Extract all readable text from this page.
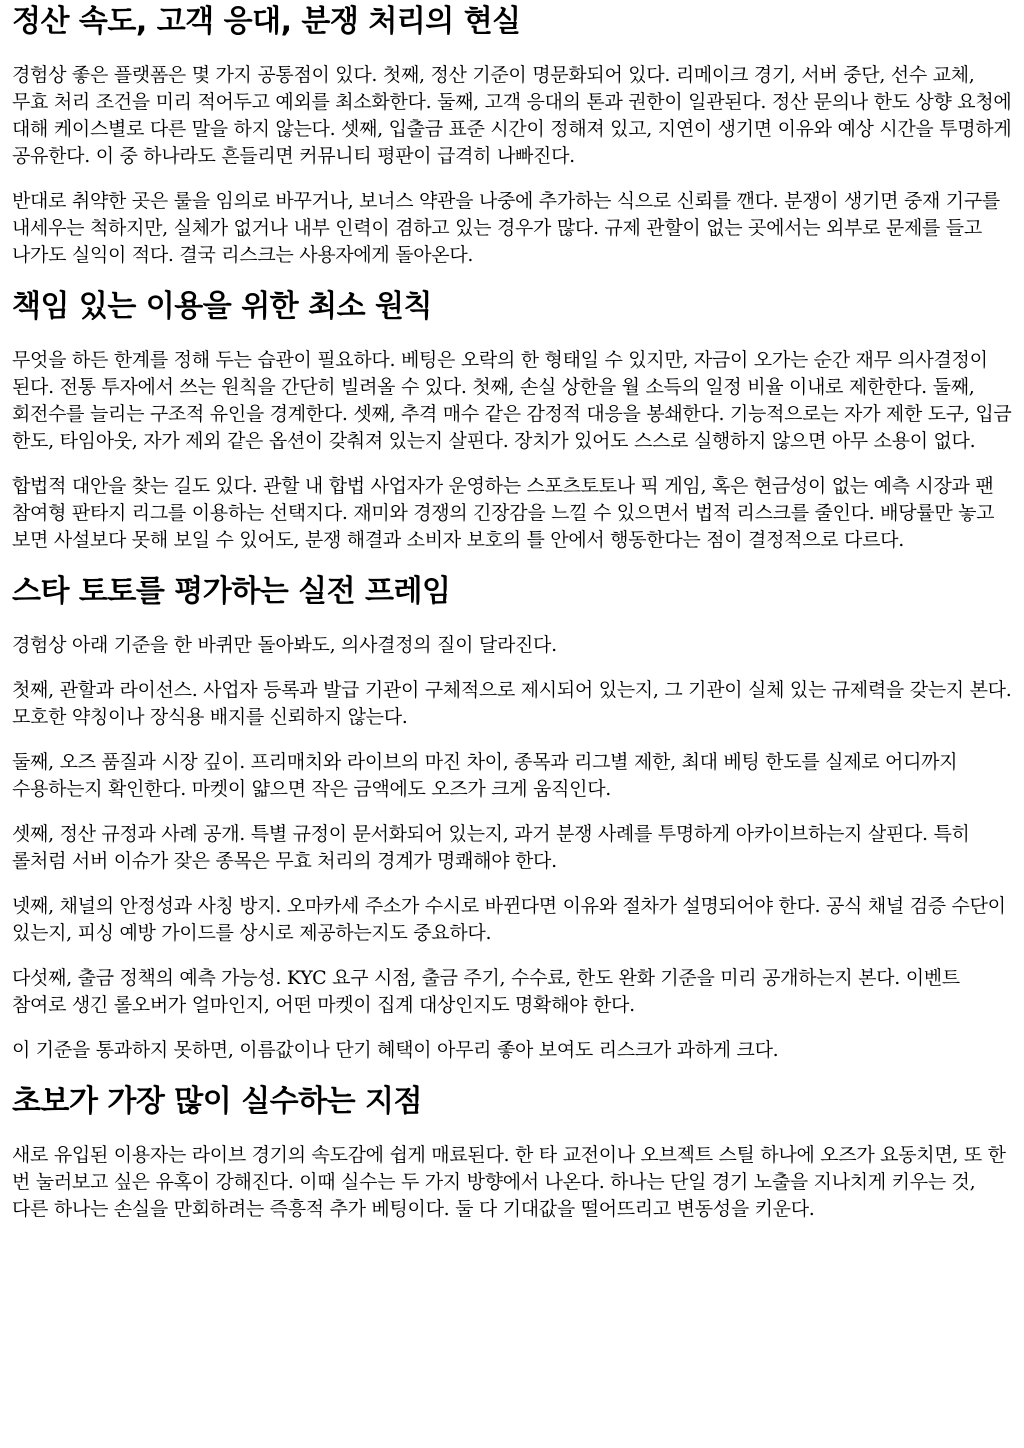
정산 속도, 고객 응대, 분쟁 처리의 현실

경험상 좋은 플랫폼은 몇 가지 공통점이 있다. 첫째, 정산 기준이 명문화되어 있다. 리메이크 경기, 서버 중단, 선수 교체, 무효 처리 조건을 미리 적어두고 예외를 최소화한다. 둘째, 고객 응대의 톤과 권한이 일관된다. 정산 문의나 한도 상향 요청에 대해 케이스별로 다른 말을 하지 않는다. 셋째, 입출금 표준 시간이 정해져 있고, 지연이 생기면 이유와 예상 시간을 투명하게 공유한다. 이 중 하나라도 흔들리면 커뮤니티 평판이 급격히 나빠진다.

반대로 취약한 곳은 룰을 임의로 바꾸거나, 보너스 약관을 나중에 추가하는 식으로 신뢰를 깬다. 분쟁이 생기면 중재 기구를 내세우는 척하지만, 실체가 없거나 내부 인력이 겸하고 있는 경우가 많다. 규제 관할이 없는 곳에서는 외부로 문제를 들고 나가도 실익이 적다. 결국 리스크는 사용자에게 돌아온다.

책임 있는 이용을 위한 최소 원칙

무엇을 하든 한계를 정해 두는 습관이 필요하다. 베팅은 오락의 한 형태일 수 있지만, 자금이 오가는 순간 재무 의사결정이 된다. 전통 투자에서 쓰는 원칙을 간단히 빌려올 수 있다. 첫째, 손실 상한을 월 소득의 일정 비율 이내로 제한한다. 둘째, 회전수를 늘리는 구조적 유인을 경계한다. 셋째, 추격 매수 같은 감정적 대응을 봉쇄한다. 기능적으로는 자가 제한 도구, 입금 한도, 타임아웃, 자가 제외 같은 옵션이 갖춰져 있는지 살핀다. 장치가 있어도 스스로 실행하지 않으면 아무 소용이 없다.

합법적 대안을 찾는 길도 있다. 관할 내 합법 사업자가 운영하는 스포츠토토나 픽 게임, 혹은 현금성이 없는 예측 시장과 팬 참여형 판타지 리그를 이용하는 선택지다. 재미와 경쟁의 긴장감을 느낄 수 있으면서 법적 리스크를 줄인다. 배당률만 놓고 보면 사설보다 못해 보일 수 있어도, 분쟁 해결과 소비자 보호의 틀 안에서 행동한다는 점이 결정적으로 다르다.

스타 토토를 평가하는 실전 프레임

경험상 아래 기준을 한 바퀴만 돌아봐도, 의사결정의 질이 달라진다.

첫째, 관할과 라이선스. 사업자 등록과 발급 기관이 구체적으로 제시되어 있는지, 그 기관이 실체 있는 규제력을 갖는지 본다. 모호한 약칭이나 장식용 배지를 신뢰하지 않는다.

둘째, 오즈 품질과 시장 깊이. 프리매치와 라이브의 마진 차이, 종목과 리그별 제한, 최대 베팅 한도를 실제로 어디까지 수용하는지 확인한다. 마켓이 얇으면 작은 금액에도 오즈가 크게 움직인다.

셋째, 정산 규정과 사례 공개. 특별 규정이 문서화되어 있는지, 과거 분쟁 사례를 투명하게 아카이브하는지 살핀다. 특히 롤처럼 서버 이슈가 잦은 종목은 무효 처리의 경계가 명쾌해야 한다.

넷째, 채널의 안정성과 사칭 방지. 오마카세 주소가 수시로 바뀐다면 이유와 절차가 설명되어야 한다. 공식 채널 검증 수단이 있는지, 피싱 예방 가이드를 상시로 제공하는지도 중요하다.

다섯째, 출금 정책의 예측 가능성. KYC 요구 시점, 출금 주기, 수수료, 한도 완화 기준을 미리 공개하는지 본다. 이벤트 참여로 생긴 롤오버가 얼마인지, 어떤 마켓이 집계 대상인지도 명확해야 한다.

이 기준을 통과하지 못하면, 이름값이나 단기 혜택이 아무리 좋아 보여도 리스크가 과하게 크다.

초보가 가장 많이 실수하는 지점

새로 유입된 이용자는 라이브 경기의 속도감에 쉽게 매료된다. 한 타 교전이나 오브젝트 스틸 하나에 오즈가 요동치면, 또 한 번 눌러보고 싶은 유혹이 강해진다. 이때 실수는 두 가지 방향에서 나온다. 하나는 단일 경기 노출을 지나치게 키우는 것, 다른 하나는 손실을 만회하려는 즉흥적 추가 베팅이다. 둘 다 기대값을 떨어뜨리고 변동성을 키운다.
